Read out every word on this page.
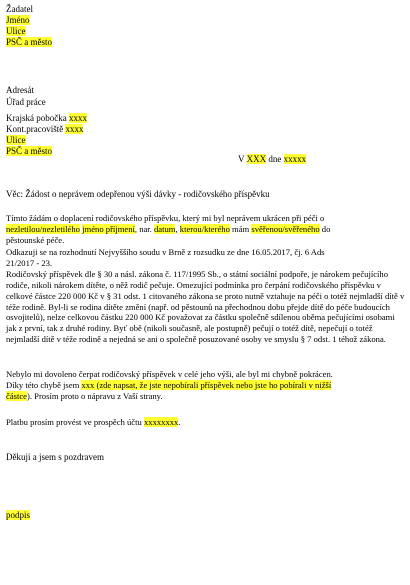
Žadatel

Jméno

Ulice

PSČ a město

Adresát

Úřad práce

Krajská pobočka xxxx

Kont.pracoviště xxxx

Ulice

PSČ a město

V XXX dne xxxxx

Věc: Žádost o neprávem odepřenou výši dávky - rodičovského příspěvku

Tímto žádám o doplacení rodičovského příspěvku, který mi byl neprávem ukrácen při péči o
nezletilou/nezletilého jméno příjmení, nar. datum, kterou/kterého mám svěřenou/svěřeného do
pěstounské péče.

Odkazuji se na rozhodnutí Nejvyššího soudu v Brně z rozsudku ze dne 16.05.2017, čj. 6 Ads

21/2017 - 23.

Rodičovský příspěvek dle § 30 a násl. zákona č. 117/1995 Sb., o státní sociální podpoře, je nárokem pečujícího rodiče, nikoli nárokem dítěte, o něž rodič pečuje. Omezující podmínka pro čerpání rodičovského příspěvku v celkové částce 220 000 Kč v § 31 odst. 1 citovaného zákona se proto nutně vztahuje na péči o totéž nejmladší dítě v téže rodině. Byl-li se rodina dítěte změní (např. od pěstounů na přechodnou dobu přejde dítě do péče budoucích osvojitelů), nelze celkovou částku 220 000 Kč považovat za částku společně sdílenou oběma pečujícími osobami jak z první, tak z druhé rodiny. Byť obě (nikoli současně, ale postupně) pečují o totéž dítě, nepečují o totéž nejmladší dítě v téže rodině a nejedná se ani o společně posuzované osoby ve smyslu § 7 odst. 1 téhož zákona.

Nebylo mi dovoleno čerpat rodičovský příspěvek v celé jeho výši, ale byl mi chybně pokrácen.
Díky této chybě jsem xxx (zde napsat, že jste nepobírali příspěvek nebo jste ho pobírali v nižší
částce). Prosím proto o nápravu z Vaší strany.

Platbu prosím provést ve prospěch účtu xxxxxxxx.

Děkuji a jsem s pozdravem

podpis
